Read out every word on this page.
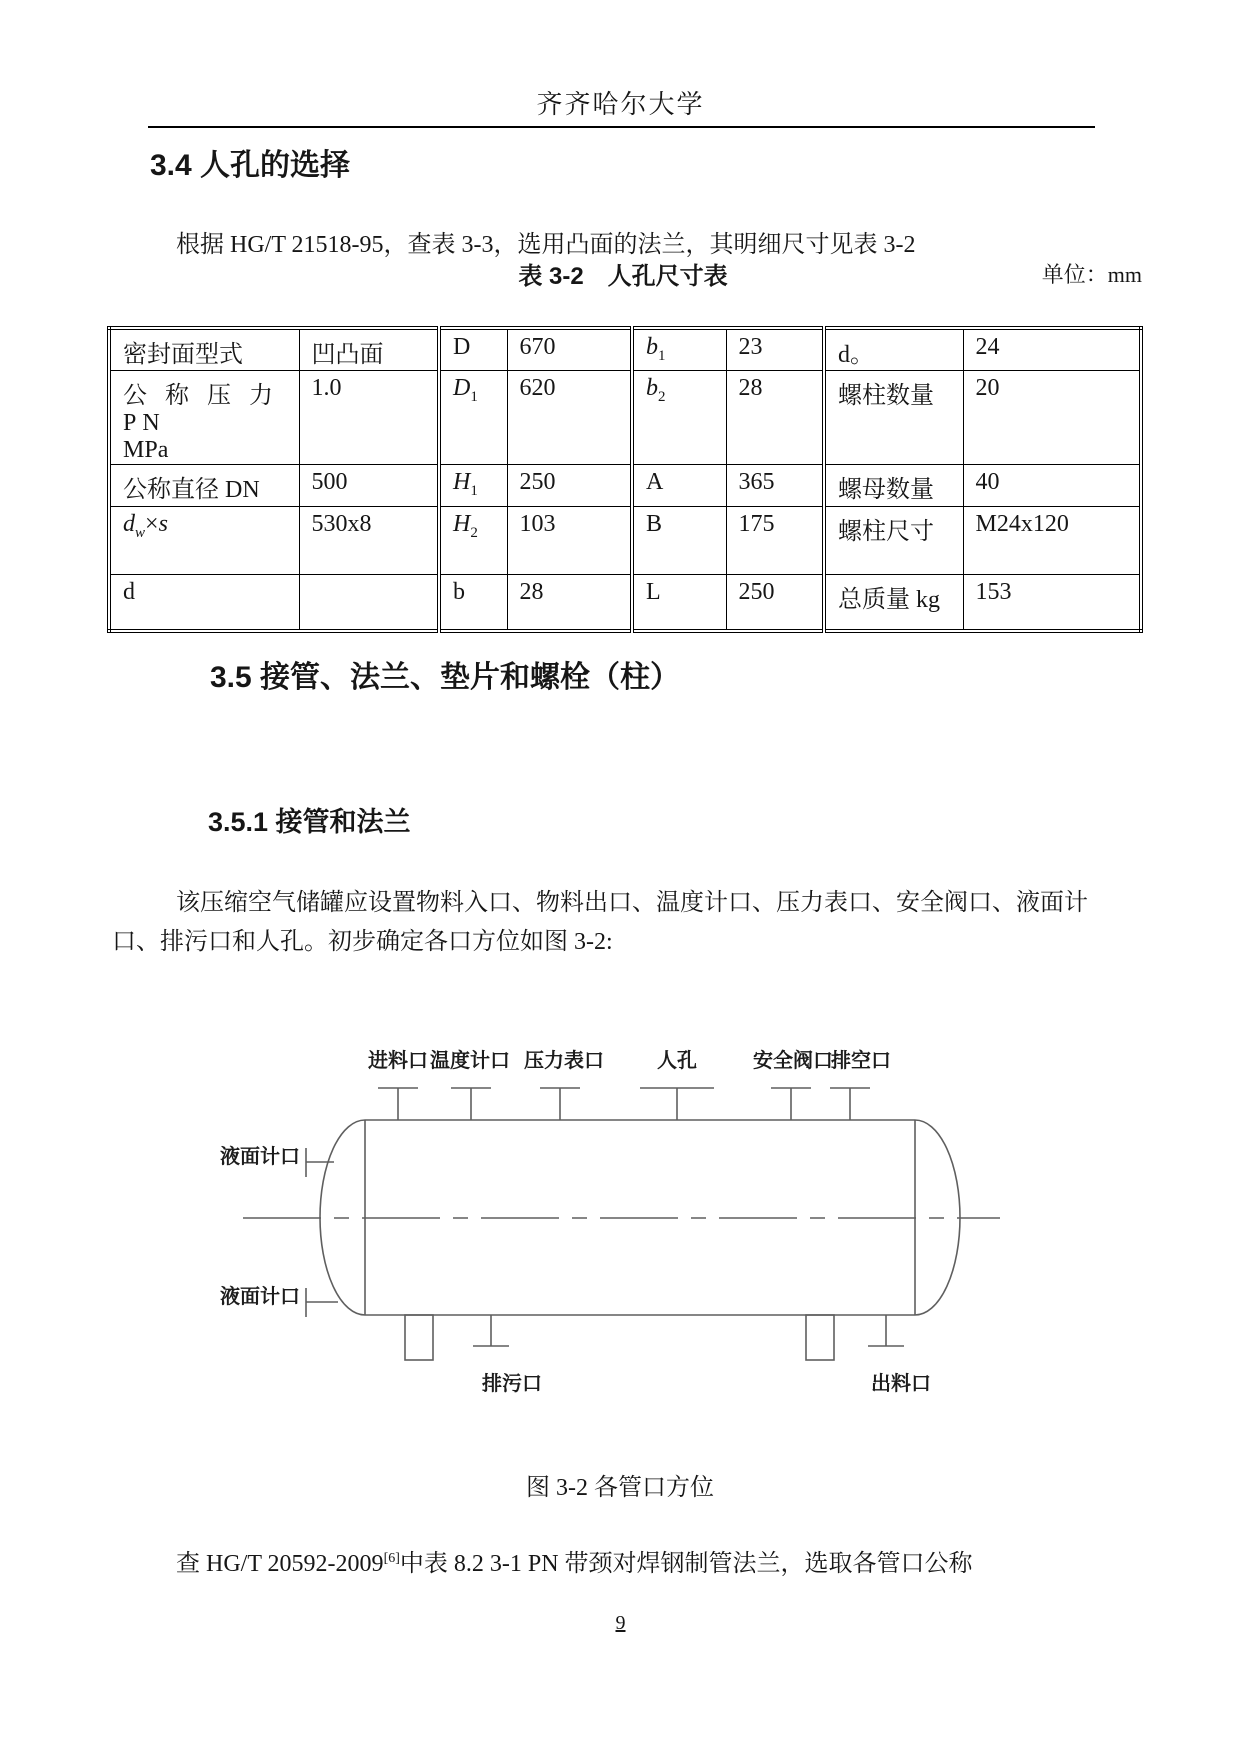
齐齐哈尔大学
3.4 人孔的选择
根据 HG/T 21518-95，查表 3-3，选用凸面的法兰，其明细尺寸见表 3-2
表 3-2　人孔尺寸表	单位：mm
密封面型式	凹凸面	D	670	$b_1$	23	d。	24

公 称 压 力 PN
MPa	1.0	$D_1$	620	$b_2$	28	螺柱数量	20
公称直径 DN	500	$H_1$	250	A	365	螺母数量	40
$d_w\times s$	530x8	$H_2$	103	B	175	螺柱尺寸	M24x120
d		b	28	L	250	总质量 kg	153
3.5 接管、法兰、垫片和螺栓（柱）
3.5.1 接管和法兰
该压缩空气储罐应设置物料入口、物料出口、温度计口、压力表口、安全阀口、液面计口、排污口和人孔。初步确定各口方位如图 3-2:
进料口 温度计口 压力表口	人孔	安全阀口
排空口
液面计口
液面计口
排污口	出料口
图 3-2 各管口方位
查 HG/T 20592-2009[6]中表 8.2 3-1 PN 带颈对焊钢制管法兰，选取各管口公称
9
